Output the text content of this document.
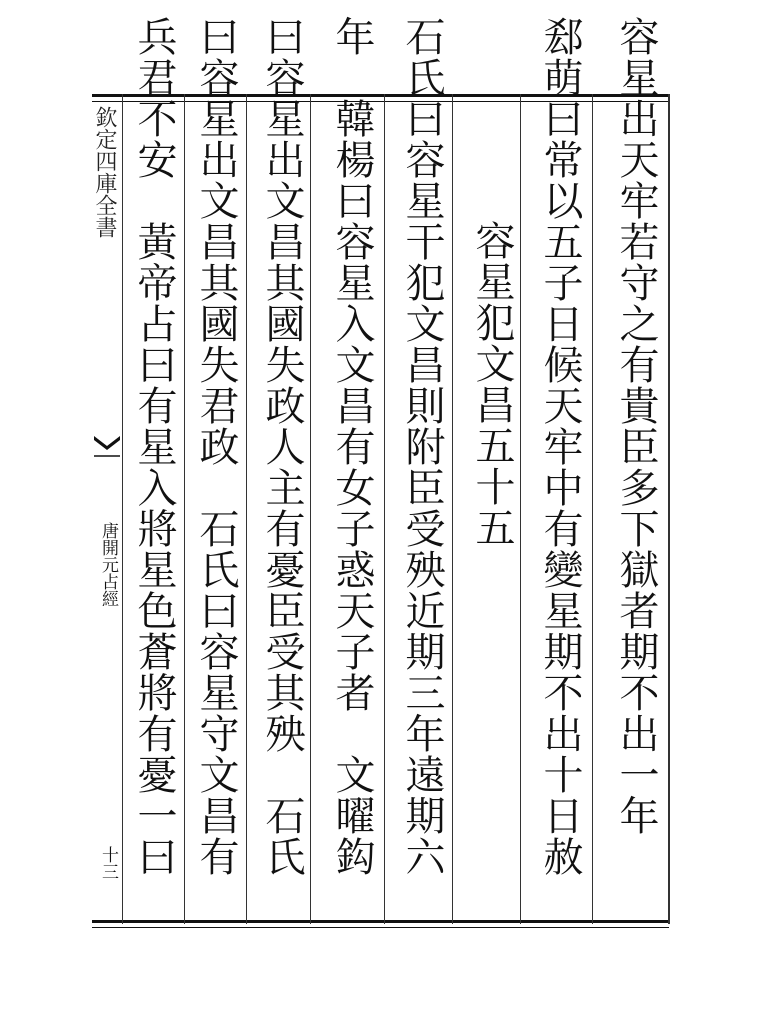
欽定四庫全書
唐開元占經
十三
容星出天牢若守之有貴臣多下獄者期不出一年
郄萌曰常以五子日候天牢中有變星期不出十日赦
容星犯文昌五十五
石氏曰容星干犯文昌則附臣受殃近期三年遠期六
年　韓楊曰容星入文昌有女子惑天子者　文曜鈎
曰容星出文昌其國失政人主有憂臣受其殃　石氏
曰容星出文昌其國失君政　石氏曰容星守文昌有
兵君不安　黃帝占曰有星入將星色蒼將有憂一曰
